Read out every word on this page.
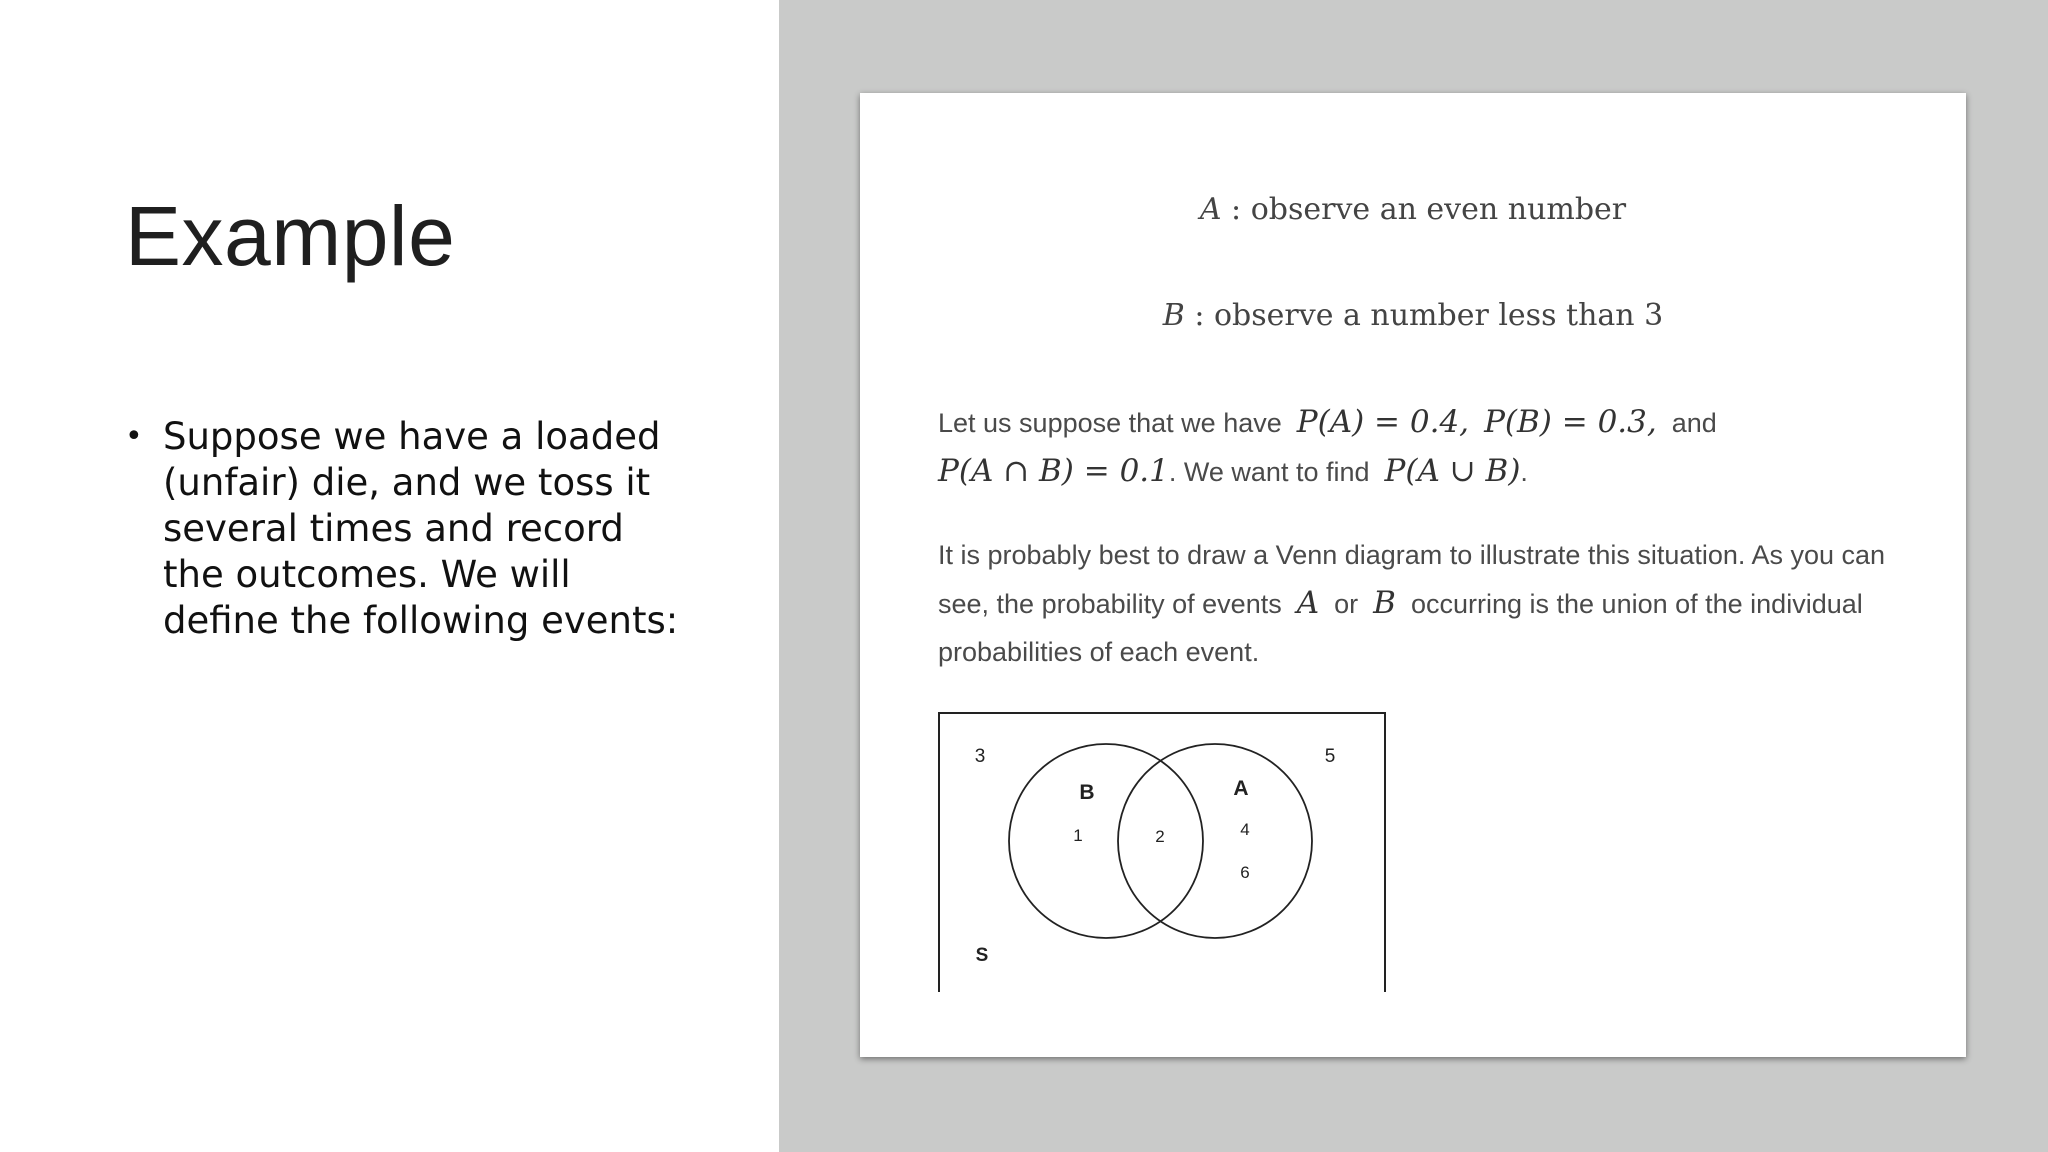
Example
• Suppose we have a loaded (unfair) die, and we toss it several times and record the outcomes. We will define the following events:
A : observe an even number
B : observe a number less than 3
Let us suppose that we have P(A) = 0.4, P(B) = 0.3, and
P(A ∩ B) = 0.1. We want to find P(A ∪ B).
It is probably best to draw a Venn diagram to illustrate this situation. As you can see, the probability of events A or B occurring is the union of the individual probabilities of each event.
3	5
B	A
1	2	4
6
S
